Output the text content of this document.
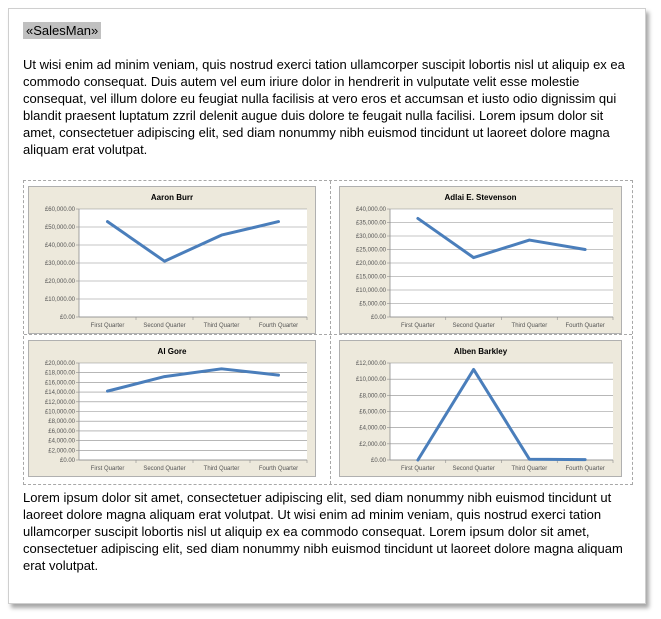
«SalesMan»

Ut wisi enim ad minim veniam, quis nostrud exerci tation ullamcorper suscipit lobortis nisl ut aliquip ex ea commodo consequat. Duis autem vel eum iriure dolor in hendrerit in vulputate velit esse molestie consequat, vel illum dolore eu feugiat nulla facilisis at vero eros et accumsan et iusto odio dignissim qui blandit praesent luptatum zzril delenit augue duis dolore te feugait nulla facilisi. Lorem ipsum dolor sit amet, consectetuer adipiscing elit, sed diam nonummy nibh euismod tincidunt ut laoreet dolore magna aliquam erat volutpat.

Aaron Burr
£0.00
£10,000.00
£20,000.00
£30,000.00
£40,000.00
£50,000.00
£60,000.00
First Quarter	Second Quarter	Third Quarter	Fourth Quarter
Adlai E. Stevenson
£0.00
£5,000.00
£10,000.00
£15,000.00
£20,000.00
£25,000.00
£30,000.00
£35,000.00
£40,000.00
First Quarter	Second Quarter	Third Quarter	Fourth Quarter
Al Gore
£0.00
£2,000.00
£4,000.00
£6,000.00
£8,000.00
£10,000.00
£12,000.00
£14,000.00
£16,000.00
£18,000.00
£20,000.00
First Quarter	Second Quarter	Third Quarter	Fourth Quarter
Alben Barkley
£0.00
£2,000.00
£4,000.00
£6,000.00
£8,000.00
£10,000.00
£12,000.00
First Quarter	Second Quarter	Third Quarter	Fourth Quarter

Lorem ipsum dolor sit amet, consectetuer adipiscing elit, sed diam nonummy nibh euismod tincidunt ut laoreet dolore magna aliquam erat volutpat. Ut wisi enim ad minim veniam, quis nostrud exerci tation ullamcorper suscipit lobortis nisl ut aliquip ex ea commodo consequat. Lorem ipsum dolor sit amet, consectetuer adipiscing elit, sed diam nonummy nibh euismod tincidunt ut laoreet dolore magna aliquam erat volutpat.
